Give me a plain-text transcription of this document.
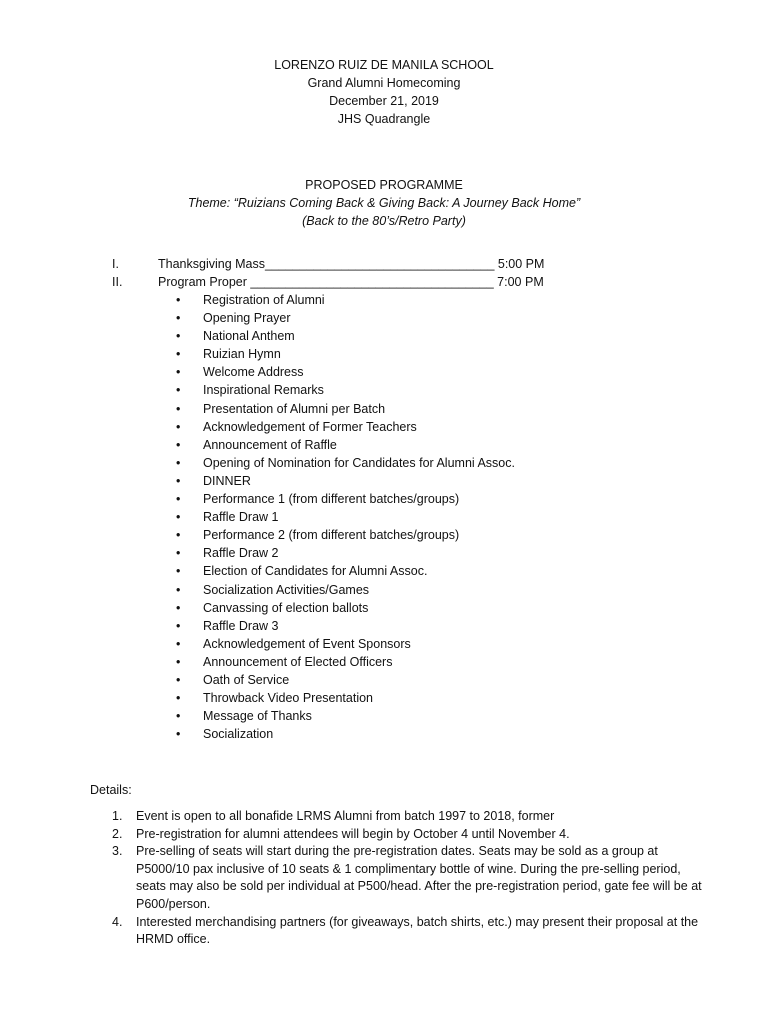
LORENZO RUIZ DE MANILA SCHOOL
Grand Alumni Homecoming
December 21, 2019
JHS Quadrangle
PROPOSED PROGRAMME
Theme: “Ruizians Coming Back & Giving Back: A Journey Back Home”
(Back to the 80’s/Retro Party)
I.	Thanksgiving Mass_________________________________ 5:00 PM
II.	Program Proper ___________________________________ 7:00 PM
• Registration of Alumni
• Opening Prayer
• National Anthem
• Ruizian Hymn
• Welcome Address
• Inspirational Remarks
• Presentation of Alumni per Batch
• Acknowledgement of Former Teachers
• Announcement of Raffle
• Opening of Nomination for Candidates for Alumni Assoc.
• DINNER
• Performance 1 (from different batches/groups)
• Raffle Draw 1
• Performance 2 (from different batches/groups)
• Raffle Draw 2
• Election of Candidates for Alumni Assoc.
• Socialization Activities/Games
• Canvassing of election ballots
• Raffle Draw 3
• Acknowledgement of Event Sponsors
• Announcement of Elected Officers
• Oath of Service
• Throwback Video Presentation
• Message of Thanks
• Socialization
Details:
1. Event is open to all bonafide LRMS Alumni from batch 1997 to 2018, former
2. Pre-registration for alumni attendees will begin by October 4 until November 4.
3. Pre-selling of seats will start during the pre-registration dates. Seats may be sold as a group at P5000/10 pax inclusive of 10 seats & 1 complimentary bottle of wine. During the pre-selling period, seats may also be sold per individual at P500/head. After the pre-registration period, gate fee will be at P600/person.
4. Interested merchandising partners (for giveaways, batch shirts, etc.) may present their proposal at the HRMD office.
